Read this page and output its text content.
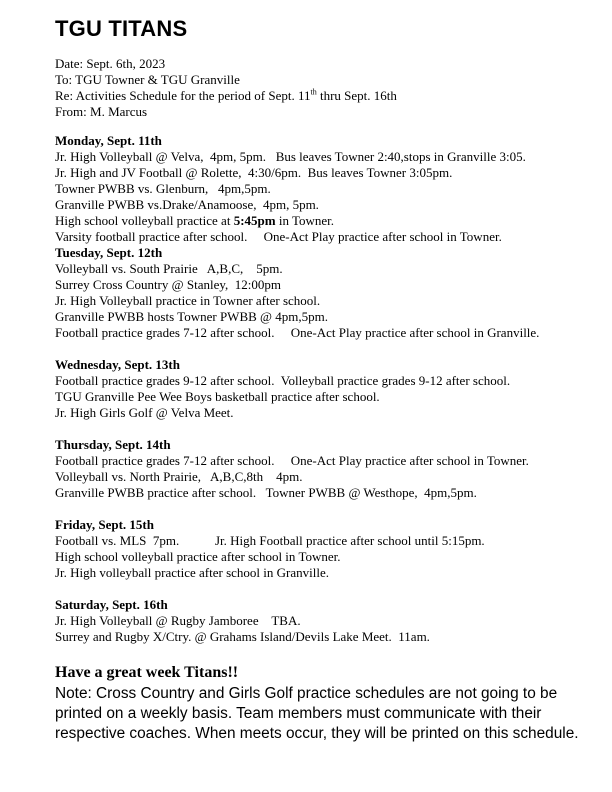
TGU TITANS
Date: Sept. 6th, 2023
To: TGU Towner & TGU Granville
Re: Activities Schedule for the period of Sept. 11th thru Sept. 16th
From: M. Marcus
Monday, Sept. 11th
Jr. High Volleyball @ Velva,  4pm, 5pm.   Bus leaves Towner 2:40,stops in Granville 3:05.
Jr. High and JV Football @ Rolette,  4:30/6pm.  Bus leaves Towner 3:05pm.
Towner PWBB vs. Glenburn,   4pm,5pm.
Granville PWBB vs.Drake/Anamoose,  4pm, 5pm.
High school volleyball practice at 5:45pm in Towner.
Varsity football practice after school.     One-Act Play practice after school in Towner.
Tuesday, Sept. 12th
Volleyball vs. South Prairie   A,B,C,    5pm.
Surrey Cross Country @ Stanley,  12:00pm
Jr. High Volleyball practice in Towner after school.
Granville PWBB hosts Towner PWBB @ 4pm,5pm.
Football practice grades 7-12 after school.     One-Act Play practice after school in Granville.
Wednesday, Sept. 13th
Football practice grades 9-12 after school.  Volleyball practice grades 9-12 after school.
TGU Granville Pee Wee Boys basketball practice after school.
Jr. High Girls Golf @ Velva Meet.
Thursday, Sept. 14th
Football practice grades 7-12 after school.     One-Act Play practice after school in Towner.
Volleyball vs. North Prairie,   A,B,C,8th    4pm.
Granville PWBB practice after school.   Towner PWBB @ Westhope,  4pm,5pm.
Friday, Sept. 15th
Football vs. MLS  7pm.           Jr. High Football practice after school until 5:15pm.
High school volleyball practice after school in Towner.
Jr. High volleyball practice after school in Granville.
Saturday, Sept. 16th
Jr. High Volleyball @ Rugby Jamboree    TBA.
Surrey and Rugby X/Ctry. @ Grahams Island/Devils Lake Meet.  11am.
Have a great week Titans!!
Note: Cross Country and Girls Golf practice schedules are not going to be printed on a weekly basis. Team members must communicate with their respective coaches. When meets occur, they will be printed on this schedule.
